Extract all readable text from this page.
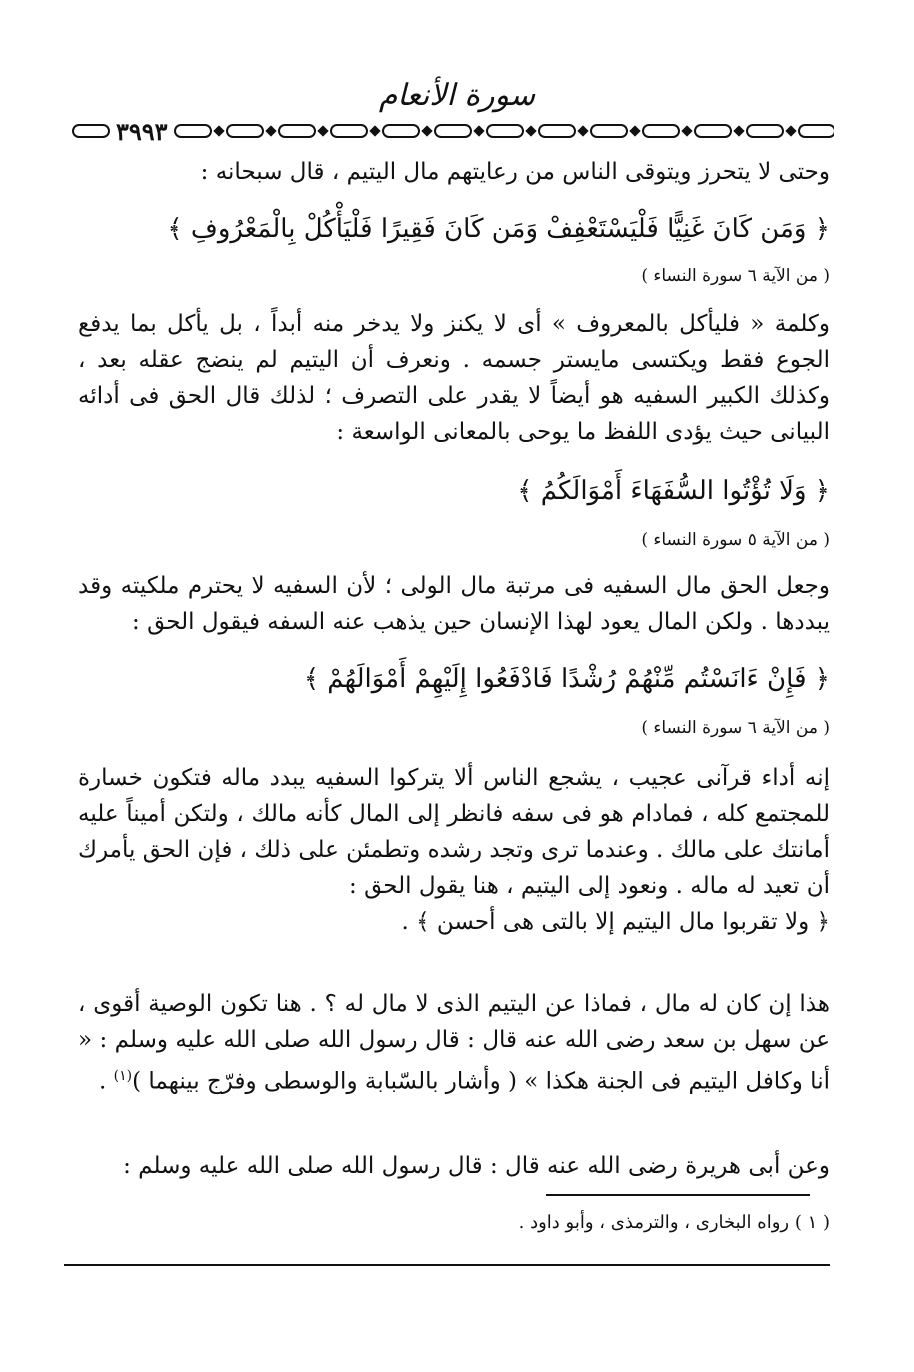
سورة الأنعام
٣٩٩٣
وحتى لا يتحرز ويتوقى الناس من رعايتهم مال اليتيم ، قال سبحانه :
﴿ وَمَن كَانَ غَنِيًّا فَلْيَسْتَعْفِفْ وَمَن كَانَ فَقِيرًا فَلْيَأْكُلْ بِالْمَعْرُوفِ ﴾
( من الآية ٦ سورة النساء )
وكلمة « فليأكل بالمعروف » أى لا يكنز ولا يدخر منه أبداً ، بل يأكل بما يدفع الجوع فقط ويكتسى مايستر جسمه . ونعرف أن اليتيم لم ينضج عقله بعد ، وكذلك الكبير السفيه هو أيضاً لا يقدر على التصرف ؛ لذلك قال الحق فى أدائه البيانى حيث يؤدى اللفظ ما يوحى بالمعانى الواسعة :
﴿ وَلَا تُؤْتُوا السُّفَهَاءَ أَمْوَالَكُمُ ﴾
( من الآية ٥ سورة النساء )
وجعل الحق مال السفيه فى مرتبة مال الولى ؛ لأن السفيه لا يحترم ملكيته وقد يبددها . ولكن المال يعود لهذا الإنسان حين يذهب عنه السفه فيقول الحق :
﴿ فَإِنْ ءَانَسْتُم مِّنْهُمْ رُشْدًا فَادْفَعُوا إِلَيْهِمْ أَمْوَالَهُمْ ﴾
( من الآية ٦ سورة النساء )
إنه أداء قرآنى عجيب ، يشجع الناس ألا يتركوا السفيه يبدد ماله فتكون خسارة للمجتمع كله ، فمادام هو فى سفه فانظر إلى المال كأنه مالك ، ولتكن أميناً عليه أمانتك على مالك . وعندما ترى وتجد رشده وتطمئن على ذلك ، فإن الحق يأمرك أن تعيد له ماله . ونعود إلى اليتيم ، هنا يقول الحق :
﴿ ولا تقربوا مال اليتيم إلا بالتى هى أحسن ﴾ .
هذا إن كان له مال ، فماذا عن اليتيم الذى لا مال له ؟ . هنا تكون الوصية أقوى ، عن سهل بن سعد رضى الله عنه قال : قال رسول الله صلى الله عليه وسلم : « أنا وكافل اليتيم فى الجنة هكذا » ( وأشار بالسّبابة والوسطى وفرّج بينهما )$^{(١)}$ .
وعن أبى هريرة رضى الله عنه قال : قال رسول الله صلى الله عليه وسلم :
( ١ ) رواه البخارى ، والترمذى ، وأبو داود .
